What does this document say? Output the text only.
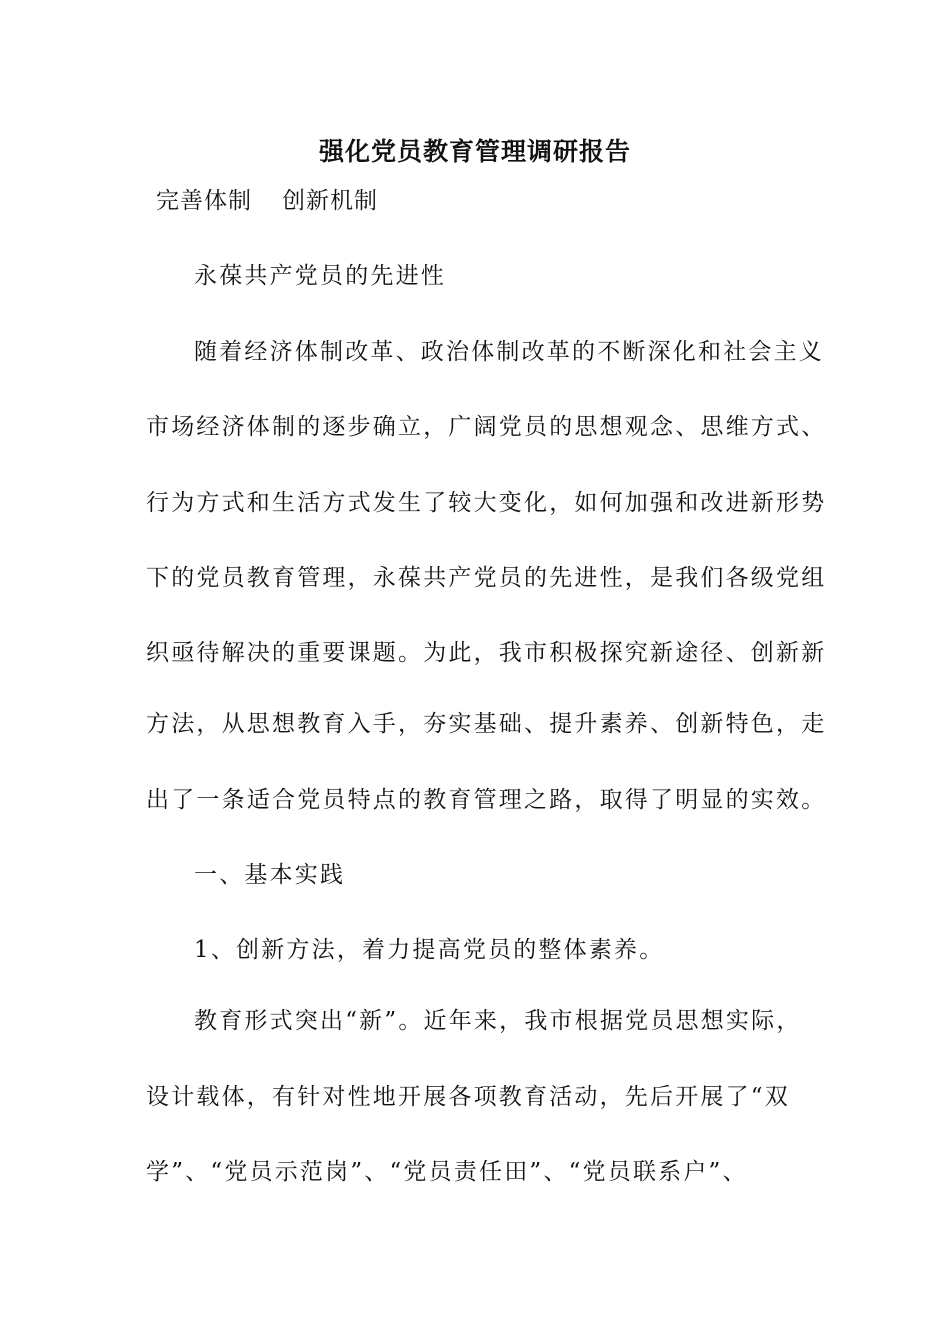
强化党员教育管理调研报告
完善体制 创新机制
永葆共产党员的先进性
随着经济体制改革、政治体制改革的不断深化和社会主义
市场经济体制的逐步确立，广阔党员的思想观念、思维方式、
行为方式和生活方式发生了较大变化，如何加强和改进新形势
下的党员教育管理，永葆共产党员的先进性，是我们各级党组
织亟待解决的重要课题。为此，我市积极探究新途径、创新新
方法，从思想教育入手，夯实基础、提升素养、创新特色，走
出了一条适合党员特点的教育管理之路，取得了明显的实效。
一、基本实践
1、创新方法，着力提高党员的整体素养。
教育形式突出“新”。近年来，我市根据党员思想实际，
设计载体，有针对性地开展各项教育活动，先后开展了“双
学”、“党员示范岗”、“党员责任田”、“党员联系户”、
